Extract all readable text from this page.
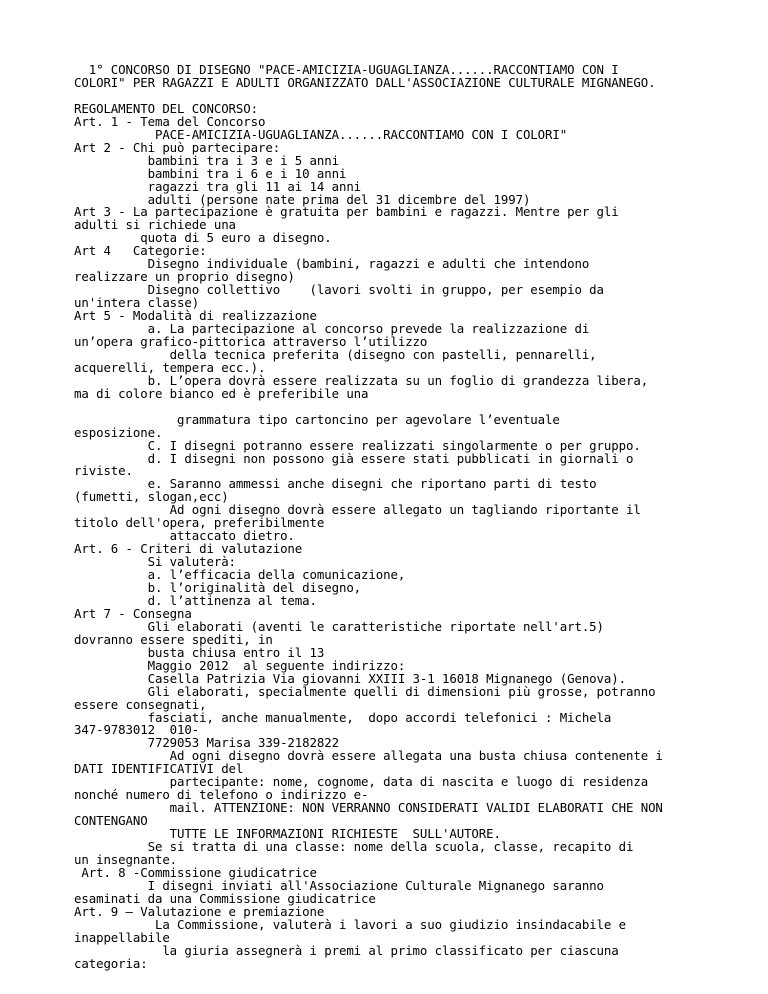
1° CONCORSO DI DISEGNO "PACE-AMICIZIA-UGUAGLIANZA......RACCONTIAMO CON I
COLORI" PER RAGAZZI E ADULTI ORGANIZZATO DALL'ASSOCIAZIONE CULTURALE MIGNANEGO.
REGOLAMENTO DEL CONCORSO:
Art. 1 - Tema del Concorso
PACE-AMICIZIA-UGUAGLIANZA......RACCONTIAMO CON I COLORI"
Art 2 - Chi può partecipare:
bambini tra i 3 e i 5 anni
bambini tra i 6 e i 10 anni
ragazzi tra gli 11 ai 14 anni
adulti (persone nate prima del 31 dicembre del 1997)
Art 3 - La partecipazione è gratuita per bambini e ragazzi. Mentre per gli
adulti si richiede una
quota di 5 euro a disegno.
Art 4   Categorie:
Disegno individuale (bambini, ragazzi e adulti che intendono
realizzare un proprio disegno)
Disegno collettivo    (lavori svolti in gruppo, per esempio da
un'intera classe)
Art 5 - Modalità di realizzazione
a. La partecipazione al concorso prevede la realizzazione di
un’opera grafico-pittorica attraverso l’utilizzo
della tecnica preferita (disegno con pastelli, pennarelli,
acquerelli, tempera ecc.).
b. L’opera dovrà essere realizzata su un foglio di grandezza libera,
ma di colore bianco ed è preferibile una
grammatura tipo cartoncino per agevolare l’eventuale
esposizione.
C. I disegni potranno essere realizzati singolarmente o per gruppo.
d. I disegni non possono già essere stati pubblicati in giornali o
riviste.
e. Saranno ammessi anche disegni che riportano parti di testo
(fumetti, slogan,ecc)
Ad ogni disegno dovrà essere allegato un tagliando riportante il
titolo dell'opera, preferibilmente
attaccato dietro.
Art. 6 - Criteri di valutazione
Si valuterà:
a. l’efficacia della comunicazione,
b. l’originalità del disegno,
d. l’attinenza al tema.
Art 7 - Consegna
Gli elaborati (aventi le caratteristiche riportate nell'art.5)
dovranno essere spediti, in
busta chiusa entro il 13
Maggio 2012  al seguente indirizzo:
Casella Patrizia Via giovanni XXIII 3-1 16018 Mignanego (Genova).
Gli elaborati, specialmente quelli di dimensioni più grosse, potranno
essere consegnati,
fasciati, anche manualmente,  dopo accordi telefonici : Michela
347-9783012  010-
7729053 Marisa 339-2182822
Ad ogni disegno dovrà essere allegata una busta chiusa contenente i
DATI IDENTIFICATIVI del
partecipante: nome, cognome, data di nascita e luogo di residenza
nonché numero di telefono o indirizzo e-
mail. ATTENZIONE: NON VERRANNO CONSIDERATI VALIDI ELABORATI CHE NON
CONTENGANO
TUTTE LE INFORMAZIONI RICHIESTE  SULL'AUTORE.
Se si tratta di una classe: nome della scuola, classe, recapito di
un insegnante.
Art. 8 -Commissione giudicatrice
I disegni inviati all'Associazione Culturale Mignanego saranno
esaminati da una Commissione giudicatrice
Art. 9 – Valutazione e premiazione
La Commissione, valuterà i lavori a suo giudizio insindacabile e
inappellabile
la giuria assegnerà i premi al primo classificato per ciascuna
categoria:
